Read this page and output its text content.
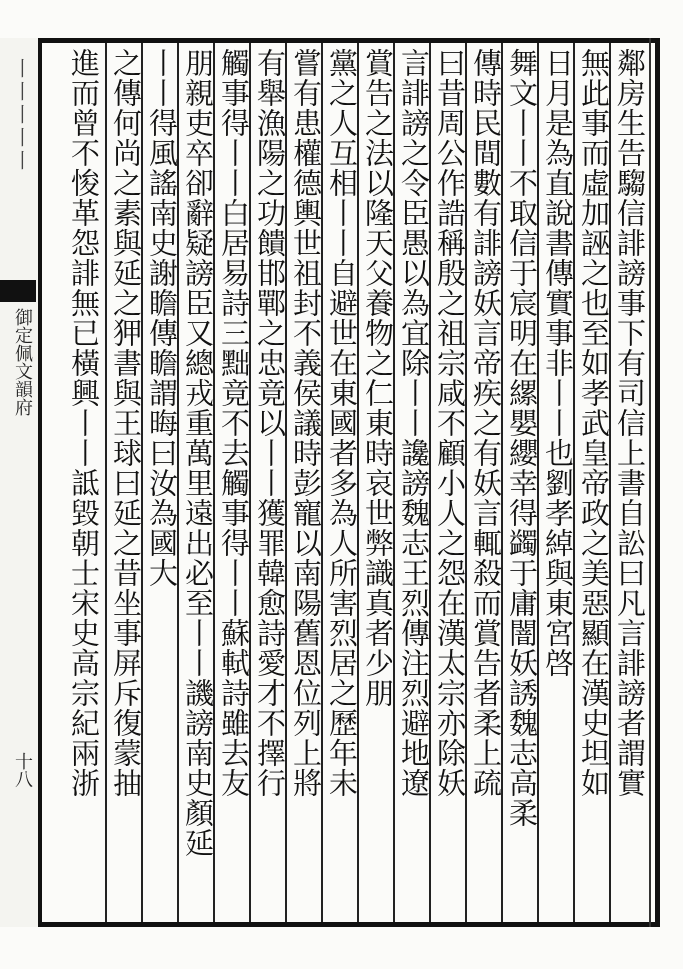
丨丨丨丨丨
御定佩文韻府
十八	鄰房生告騶信誹謗事下有司信上書自訟曰凡言誹謗者謂實
無此事而虛加誣之也至如孝武皇帝政之美惡顯在漢史坦如
日月是為直說書傳實事非丨丨也劉孝綽與東宮啓
舞文丨丨不取信于宸明在縲嬰纓幸得蠲于庸闇妖誘魏志高柔
傳時民間數有誹謗妖言帝疾之有妖言輒殺而賞告者柔上疏
曰昔周公作誥稱殷之祖宗咸不顧小人之怨在漢太宗亦除妖
言誹謗之令臣愚以為宜除丨丨讒謗魏志王烈傳注烈避地遼
賞告之法以隆天父養物之仁東時哀世弊識真者少朋
黨之人互相丨丨自避世在東國者多為人所害烈居之歷年未
嘗有患權德輿世祖封不義侯議時彭寵以南陽舊恩位列上將
有舉漁陽之功饋邯鄲之忠竟以丨丨獲罪韓愈詩愛才不擇行
觸事得丨丨白居易詩三黜竟不去觸事得丨丨蘇軾詩雖去友
朋親吏卒卻辭疑謗臣又總戎重萬里遠出必至丨丨譏謗南史顏延
丨丨得風謠南史謝瞻傳瞻謂晦曰汝為國大
之傳何尚之素與延之狎書與王球曰延之昔坐事屏斥復蒙抽
進而曾不悛革怨誹無已橫興丨丨詆毀朝士宋史高宗紀兩浙
